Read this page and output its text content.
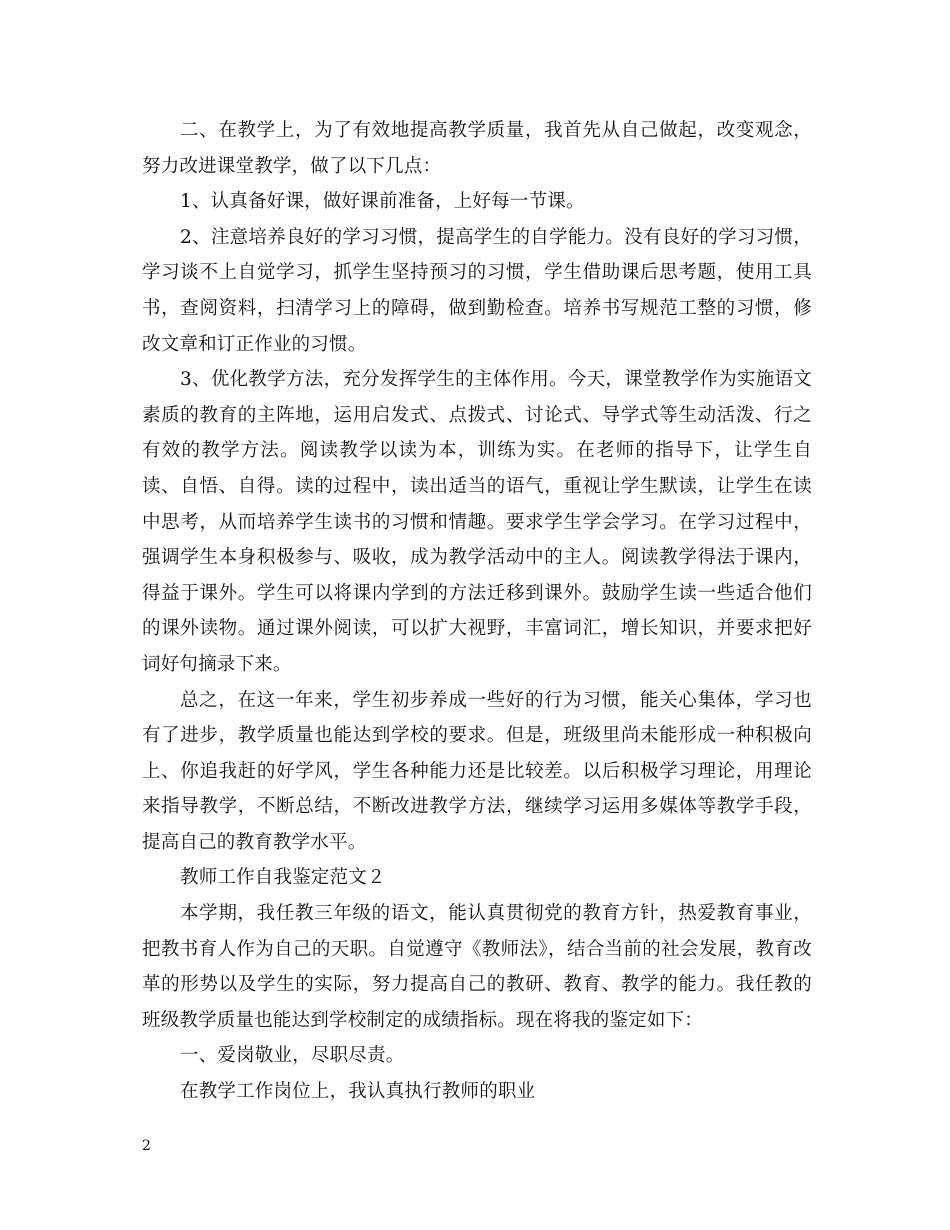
二、在教学上，为了有效地提高教学质量，我首先从自己做起，改变观念，努力改进课堂教学，做了以下几点：

1、认真备好课，做好课前准备，上好每一节课。

2、注意培养良好的学习习惯，提高学生的自学能力。没有良好的学习习惯，学习谈不上自觉学习，抓学生坚持预习的习惯，学生借助课后思考题，使用工具书，查阅资料，扫清学习上的障碍，做到勤检查。培养书写规范工整的习惯，修改文章和订正作业的习惯。

3、优化教学方法，充分发挥学生的主体作用。今天，课堂教学作为实施语文素质的教育的主阵地，运用启发式、点拨式、讨论式、导学式等生动活泼、行之有效的教学方法。阅读教学以读为本，训练为实。在老师的指导下，让学生自读、自悟、自得。读的过程中，读出适当的语气，重视让学生默读，让学生在读中思考，从而培养学生读书的习惯和情趣。要求学生学会学习。在学习过程中，强调学生本身积极参与、吸收，成为教学活动中的主人。阅读教学得法于课内，得益于课外。学生可以将课内学到的方法迁移到课外。鼓励学生读一些适合他们的课外读物。通过课外阅读，可以扩大视野，丰富词汇，增长知识，并要求把好词好句摘录下来。

总之，在这一年来，学生初步养成一些好的行为习惯，能关心集体，学习也有了进步，教学质量也能达到学校的要求。但是，班级里尚未能形成一种积极向上、你追我赶的好学风，学生各种能力还是比较差。以后积极学习理论，用理论来指导教学，不断总结，不断改进教学方法，继续学习运用多媒体等教学手段，提高自己的教育教学水平。

教师工作自我鉴定范文２

本学期，我任教三年级的语文，能认真贯彻党的教育方针，热爱教育事业，把教书育人作为自己的天职。自觉遵守《教师法》，结合当前的社会发展，教育改革的形势以及学生的实际，努力提高自己的教研、教育、教学的能力。我任教的班级教学质量也能达到学校制定的成绩指标。现在将我的鉴定如下：

一、爱岗敬业，尽职尽责。

在教学工作岗位上，我认真执行教师的职业

2
